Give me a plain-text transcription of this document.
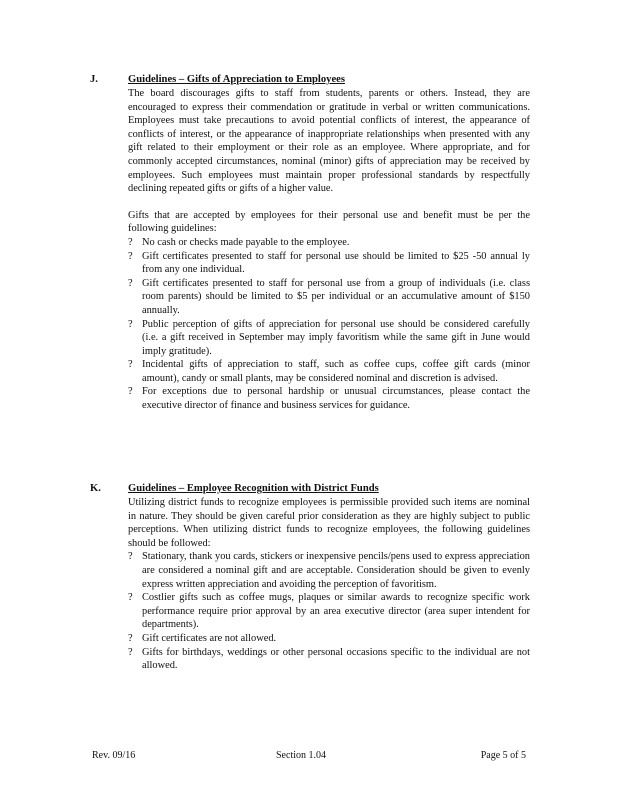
J.	Guidelines – Gifts of Appreciation to Employees

The board discourages gifts to staff from students, parents or others. Instead, they are encouraged to express their commendation or gratitude in verbal or written communications. Employees must take precautions to avoid potential conflicts of interest, the appearance of conflicts of interest, or the appearance of inappropriate relationships when presented with any gift related to their employment or their role as an employee. Where appropriate, and for commonly accepted circumstances, nominal (minor) gifts of appreciation may be received by employees. Such employees must maintain proper professional standards by respectfully declining repeated gifts or gifts of a higher value.

Gifts that are accepted by employees for their personal use and benefit must be per the following guidelines:

? No cash or checks made payable to the employee.
? Gift certificates presented to staff for personal use should be limited to $25 -50 annual ly from any one individual.
? Gift certificates presented to staff for personal use from a group of individuals (i.e. class room parents) should be limited to $5 per individual or an accumulative amount of $150 annually.
? Public perception of gifts of appreciation for personal use should be considered carefully (i.e. a gift received in September may imply favoritism while the same gift in June would imply gratitude).
? Incidental gifts of appreciation to staff, such as coffee cups, coffee gift cards (minor amount), candy or small plants, may be considered nominal and discretion is advised.
? For exceptions due to personal hardship or unusual circumstances, please contact the executive director of finance and business services for guidance.
K.	Guidelines – Employee Recognition with District Funds

Utilizing district funds to recognize employees is permissible provided such items are nominal in nature. They should be given careful prior consideration as they are highly subject to public perceptions. When utilizing district funds to recognize employees, the following guidelines should be followed:

? Stationary, thank you cards, stickers or inexpensive pencils/pens used to express appreciation are considered a nominal gift and are acceptable. Consideration should be given to evenly express written appreciation and avoiding the perception of favoritism.
? Costlier gifts such as coffee mugs, plaques or similar awards to recognize specific work performance require prior approval by an area executive director (area super intendent for departments).
? Gift certificates are not allowed.
? Gifts for birthdays, weddings or other personal occasions specific to the individual are not allowed.
Rev. 09/16	Section 1.04	Page 5 of 5
